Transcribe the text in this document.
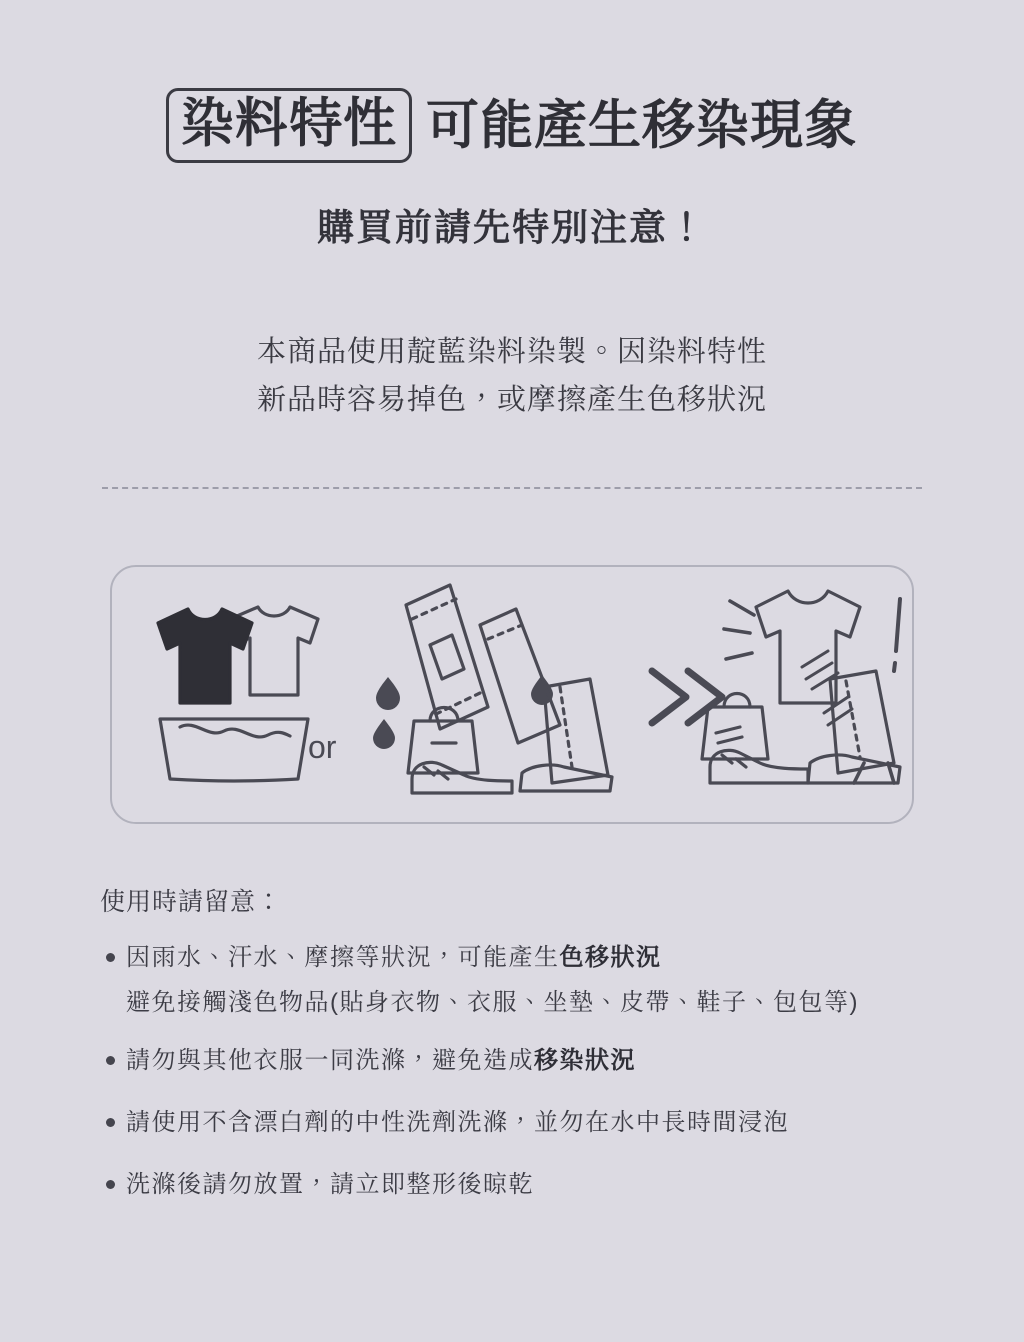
染料特性 可能產生移染現象
購買前請先特別注意！
本商品使用靛藍染料染製。因染料特性
新品時容易掉色，或摩擦產生色移狀況
or
使用時請留意：
因雨水、汗水、摩擦等狀況，可能產生色移狀況
避免接觸淺色物品(貼身衣物、衣服、坐墊、皮帶、鞋子、包包等)
請勿與其他衣服一同洗滌，避免造成移染狀況
請使用不含漂白劑的中性洗劑洗滌，並勿在水中長時間浸泡
洗滌後請勿放置，請立即整形後晾乾
